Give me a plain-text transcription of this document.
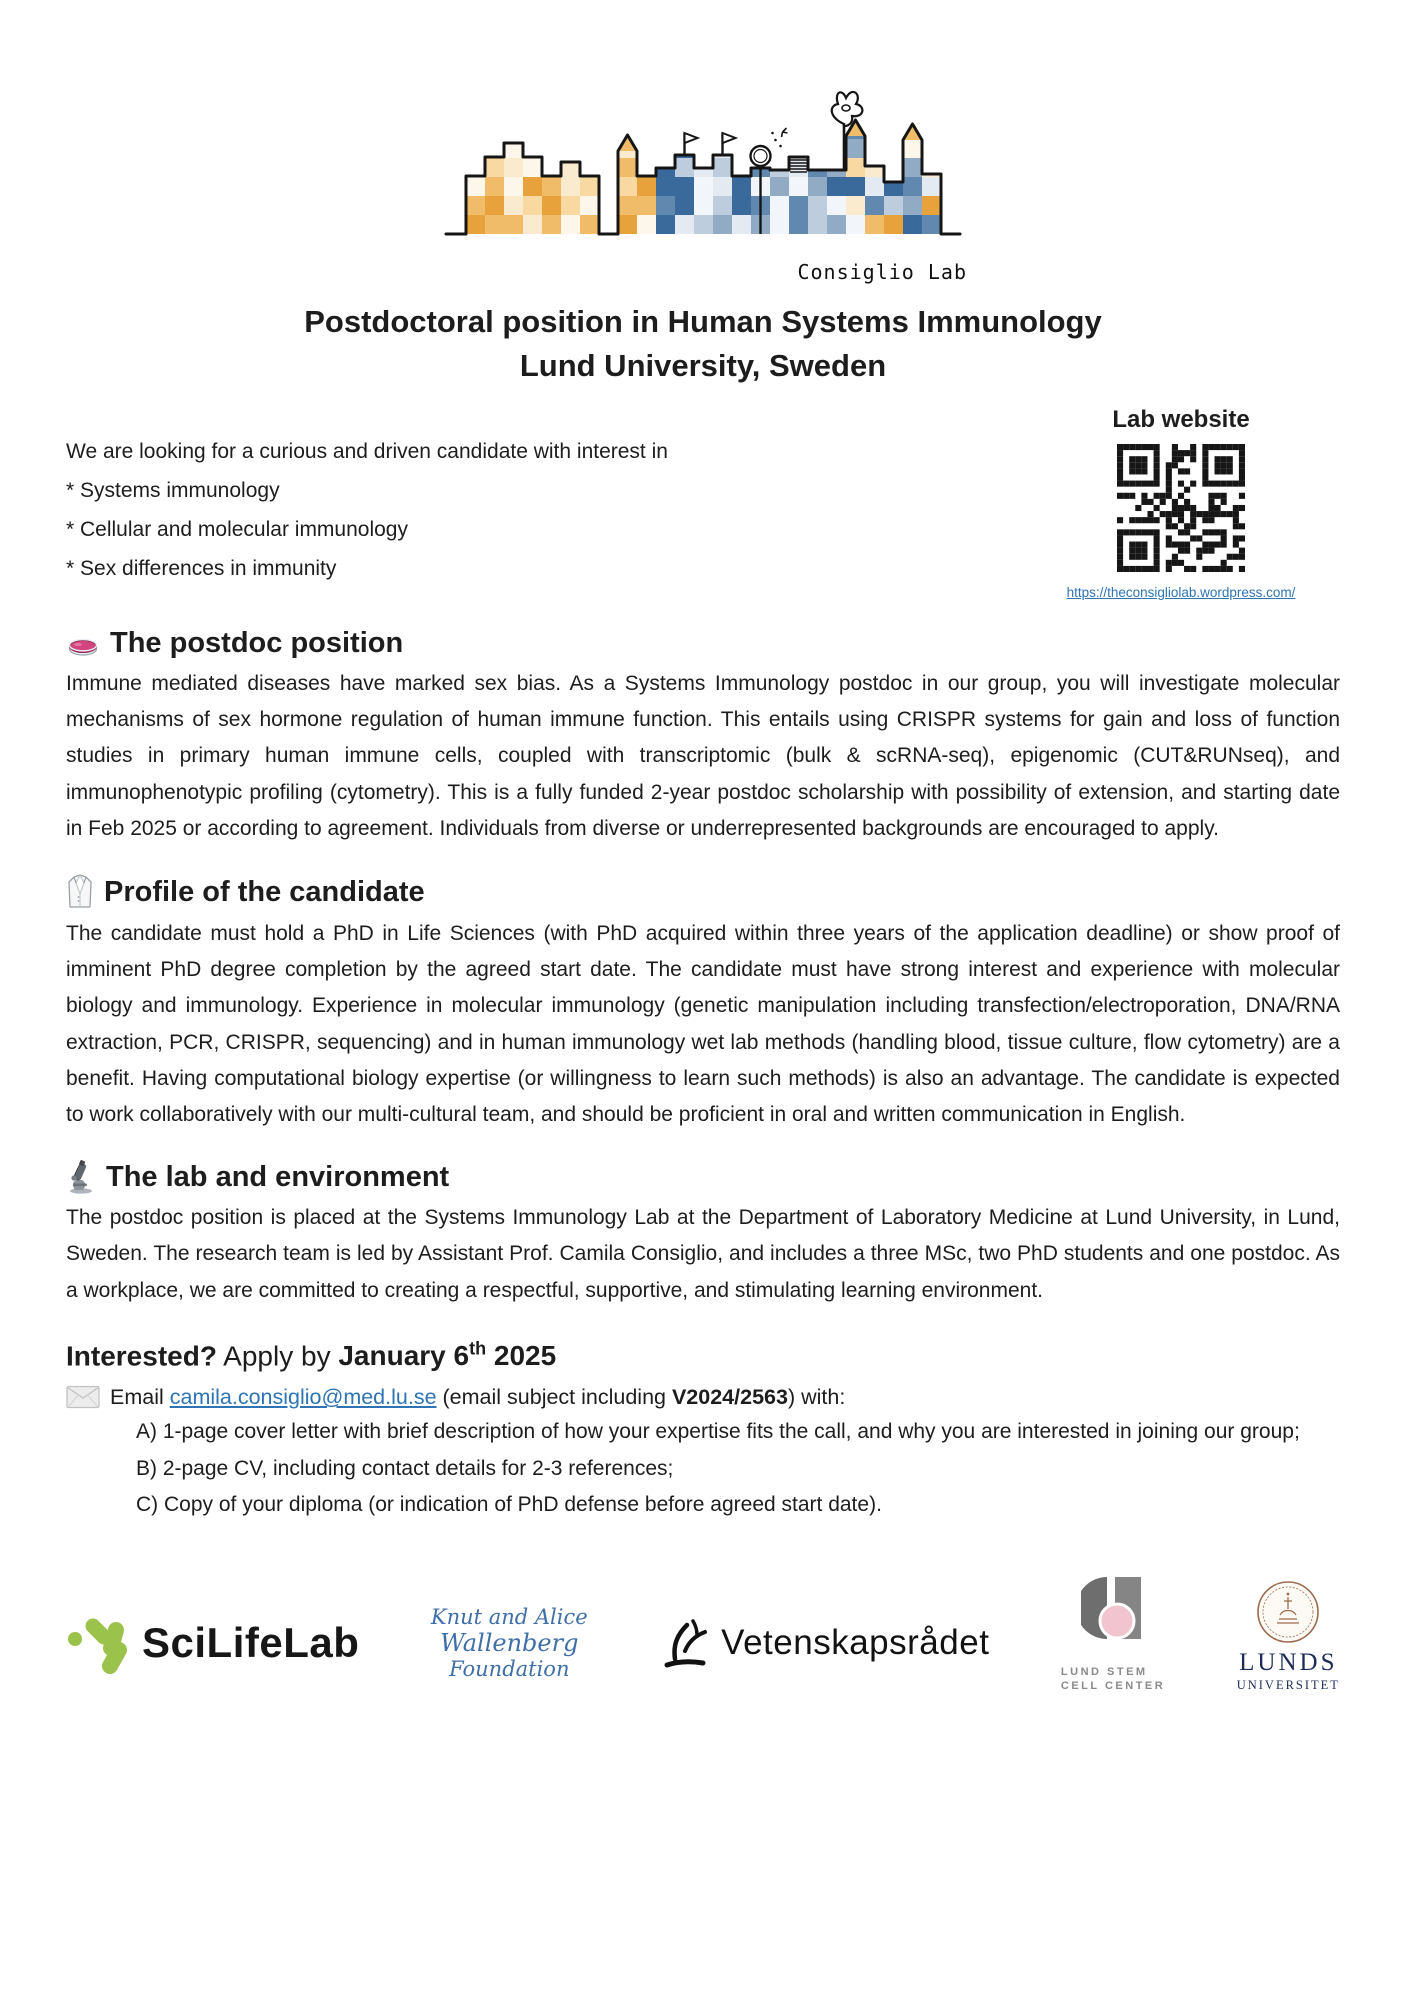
Consiglio Lab
Postdoctoral position in Human Systems Immunology
Lund University, Sweden
We are looking for a curious and driven candidate with interest in
* Systems immunology
* Cellular and molecular immunology
* Sex differences in immunity
Lab website
https://theconsigliolab.wordpress.com/
The postdoc position
Immune mediated diseases have marked sex bias. As a Systems Immunology postdoc in our group, you will investigate molecular mechanisms of sex hormone regulation of human immune function. This entails using CRISPR systems for gain and loss of function studies in primary human immune cells, coupled with transcriptomic (bulk & scRNA-seq), epigenomic (CUT&RUNseq), and immunophenotypic profiling (cytometry). This is a fully funded 2-year postdoc scholarship with possibility of extension, and starting date in Feb 2025 or according to agreement. Individuals from diverse or underrepresented backgrounds are encouraged to apply.
Profile of the candidate
The candidate must hold a PhD in Life Sciences (with PhD acquired within three years of the application deadline) or show proof of imminent PhD degree completion by the agreed start date. The candidate must have strong interest and experience with molecular biology and immunology. Experience in molecular immunology (genetic manipulation including transfection/electroporation, DNA/RNA extraction, PCR, CRISPR, sequencing) and in human immunology wet lab methods (handling blood, tissue culture, flow cytometry) are a benefit. Having computational biology expertise (or willingness to learn such methods) is also an advantage. The candidate is expected to work collaboratively with our multi-cultural team, and should be proficient in oral and written communication in English.
The lab and environment
The postdoc position is placed at the Systems Immunology Lab at the Department of Laboratory Medicine at Lund University, in Lund, Sweden. The research team is led by Assistant Prof. Camila Consiglio, and includes a three MSc, two PhD students and one postdoc. As a workplace, we are committed to creating a respectful, supportive, and stimulating learning environment.
Interested? Apply by January 6th 2025
Email camila.consiglio@med.lu.se (email subject including V2024/2563) with:
A) 1-page cover letter with brief description of how your expertise fits the call, and why you are interested in joining our group;
B) 2-page CV, including contact details for 2-3 references;
C) Copy of your diploma (or indication of PhD defense before agreed start date).
SciLifeLab
Knut and Alice
Wallenberg
Foundation
Vetenskapsrådet
LUND STEM
CELL CENTER
LUNDS
UNIVERSITET
